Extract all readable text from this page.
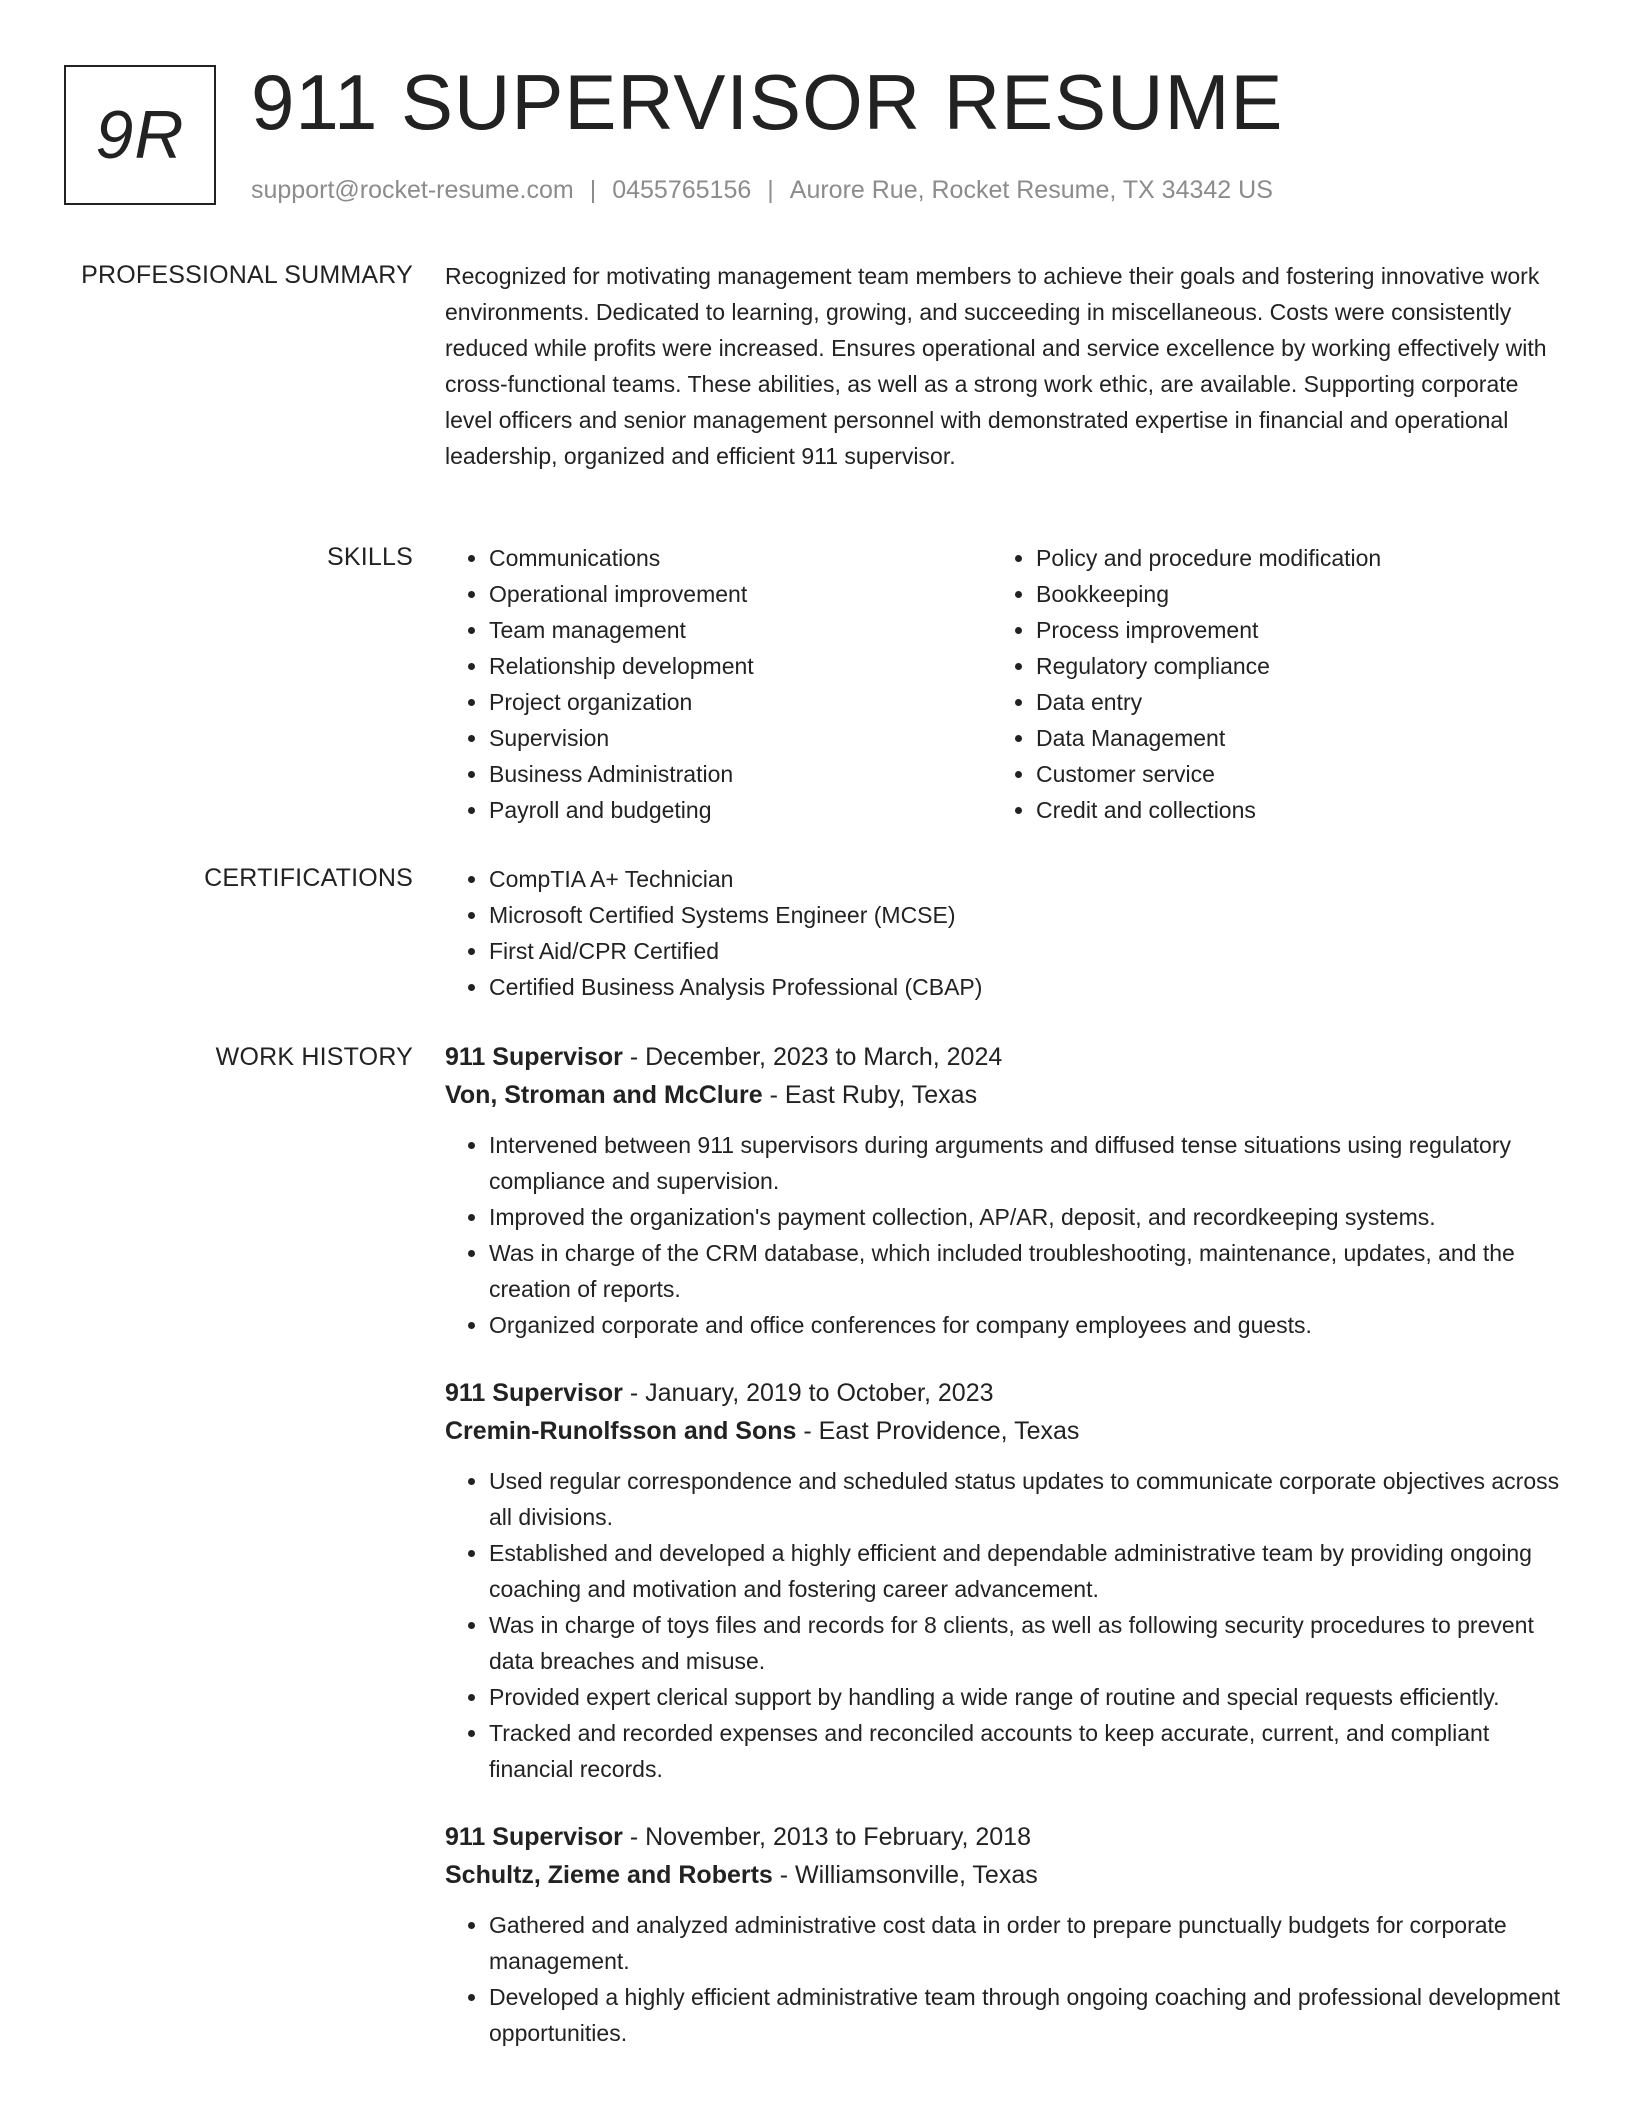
9R 911 SUPERVISOR RESUME
support@rocket-resume.com | 0455765156 | Aurore Rue, Rocket Resume, TX 34342 US
PROFESSIONAL SUMMARY Recognized for motivating management team members to achieve their goals and fostering innovative work environments. Dedicated to learning, growing, and succeeding in miscellaneous. Costs were consistently reduced while profits were increased. Ensures operational and service excellence by working effectively with cross-functional teams. These abilities, as well as a strong work ethic, are available. Supporting corporate level officers and senior management personnel with demonstrated expertise in financial and operational leadership, organized and efficient 911 supervisor.

SKILLS	• Communications
• Operational improvement
• Team management
• Relationship development
• Project organization
• Supervision
• Business Administration
• Payroll and budgeting
• Policy and procedure modification
• Bookkeeping
• Process improvement
• Regulatory compliance
• Data entry
• Data Management
• Customer service
• Credit and collections
CERTIFICATIONS	• CompTIA A+ Technician
• Microsoft Certified Systems Engineer (MCSE)
• First Aid/CPR Certified
• Certified Business Analysis Professional (CBAP)
WORK HISTORY 911 Supervisor - December, 2023 to March, 2024
Von, Stroman and McClure - East Ruby, Texas
• Intervened between 911 supervisors during arguments and diffused tense situations using regulatory compliance and supervision.
• Improved the organization's payment collection, AP/AR, deposit, and recordkeeping systems.
• Was in charge of the CRM database, which included troubleshooting, maintenance, updates, and the creation of reports.
• Organized corporate and office conferences for company employees and guests.
911 Supervisor - January, 2019 to October, 2023
Cremin-Runolfsson and Sons - East Providence, Texas
• Used regular correspondence and scheduled status updates to communicate corporate objectives across all divisions.
• Established and developed a highly efficient and dependable administrative team by providing ongoing coaching and motivation and fostering career advancement.
• Was in charge of toys files and records for 8 clients, as well as following security procedures to prevent data breaches and misuse.
• Provided expert clerical support by handling a wide range of routine and special requests efficiently.
• Tracked and recorded expenses and reconciled accounts to keep accurate, current, and compliant financial records.
911 Supervisor - November, 2013 to February, 2018
Schultz, Zieme and Roberts - Williamsonville, Texas
• Gathered and analyzed administrative cost data in order to prepare punctually budgets for corporate management.
• Developed a highly efficient administrative team through ongoing coaching and professional development opportunities.
